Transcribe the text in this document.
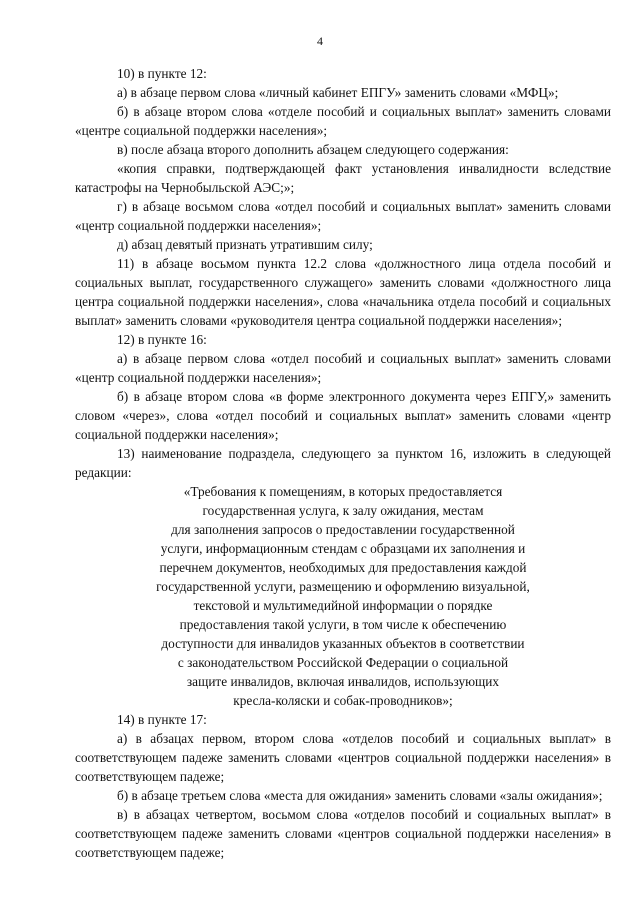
4

10) в пункте 12:

а) в абзаце первом слова «личный кабинет ЕПГУ» заменить словами «МФЦ»;

б) в абзаце втором слова «отделе пособий и социальных выплат» заменить словами «центре социальной поддержки населения»;

в) после абзаца второго дополнить абзацем следующего содержания:

«копия справки, подтверждающей факт установления инвалидности вследствие катастрофы на Чернобыльской АЭС;»;

г) в абзаце восьмом слова «отдел пособий и социальных выплат» заменить словами «центр социальной поддержки населения»;

д) абзац девятый признать утратившим силу;

11) в абзаце восьмом пункта 12.2 слова «должностного лица отдела пособий и социальных выплат, государственного служащего» заменить словами «должностного лица центра социальной поддержки населения», слова «начальника отдела пособий и социальных выплат» заменить словами «руководителя центра социальной поддержки населения»;

12) в пункте 16:

а) в абзаце первом слова «отдел пособий и социальных выплат» заменить словами «центр социальной поддержки населения»;

б) в абзаце втором слова «в форме электронного документа через ЕПГУ,» заменить словом «через», слова «отдел пособий и социальных выплат» заменить словами «центр социальной поддержки населения»;

13) наименование подраздела, следующего за пунктом 16, изложить в следующей редакции:

«Требования к помещениям, в которых предоставляется

государственная услуга, к залу ожидания, местам

для заполнения запросов о предоставлении государственной

услуги, информационным стендам с образцами их заполнения и

перечнем документов, необходимых для предоставления каждой

государственной услуги, размещению и оформлению визуальной,

текстовой и мультимедийной информации о порядке

предоставления такой услуги, в том числе к обеспечению

доступности для инвалидов указанных объектов в соответствии

с законодательством Российской Федерации о социальной

защите инвалидов, включая инвалидов, использующих

кресла-коляски и собак-проводников»;

14) в пункте 17:

а) в абзацах первом, втором слова «отделов пособий и социальных выплат» в соответствующем падеже заменить словами «центров социальной поддержки населения» в соответствующем падеже;

б) в абзаце третьем слова «места для ожидания» заменить словами «залы ожидания»;

в) в абзацах четвертом, восьмом слова «отделов пособий и социальных выплат» в соответствующем падеже заменить словами «центров социальной поддержки населения» в соответствующем падеже;
